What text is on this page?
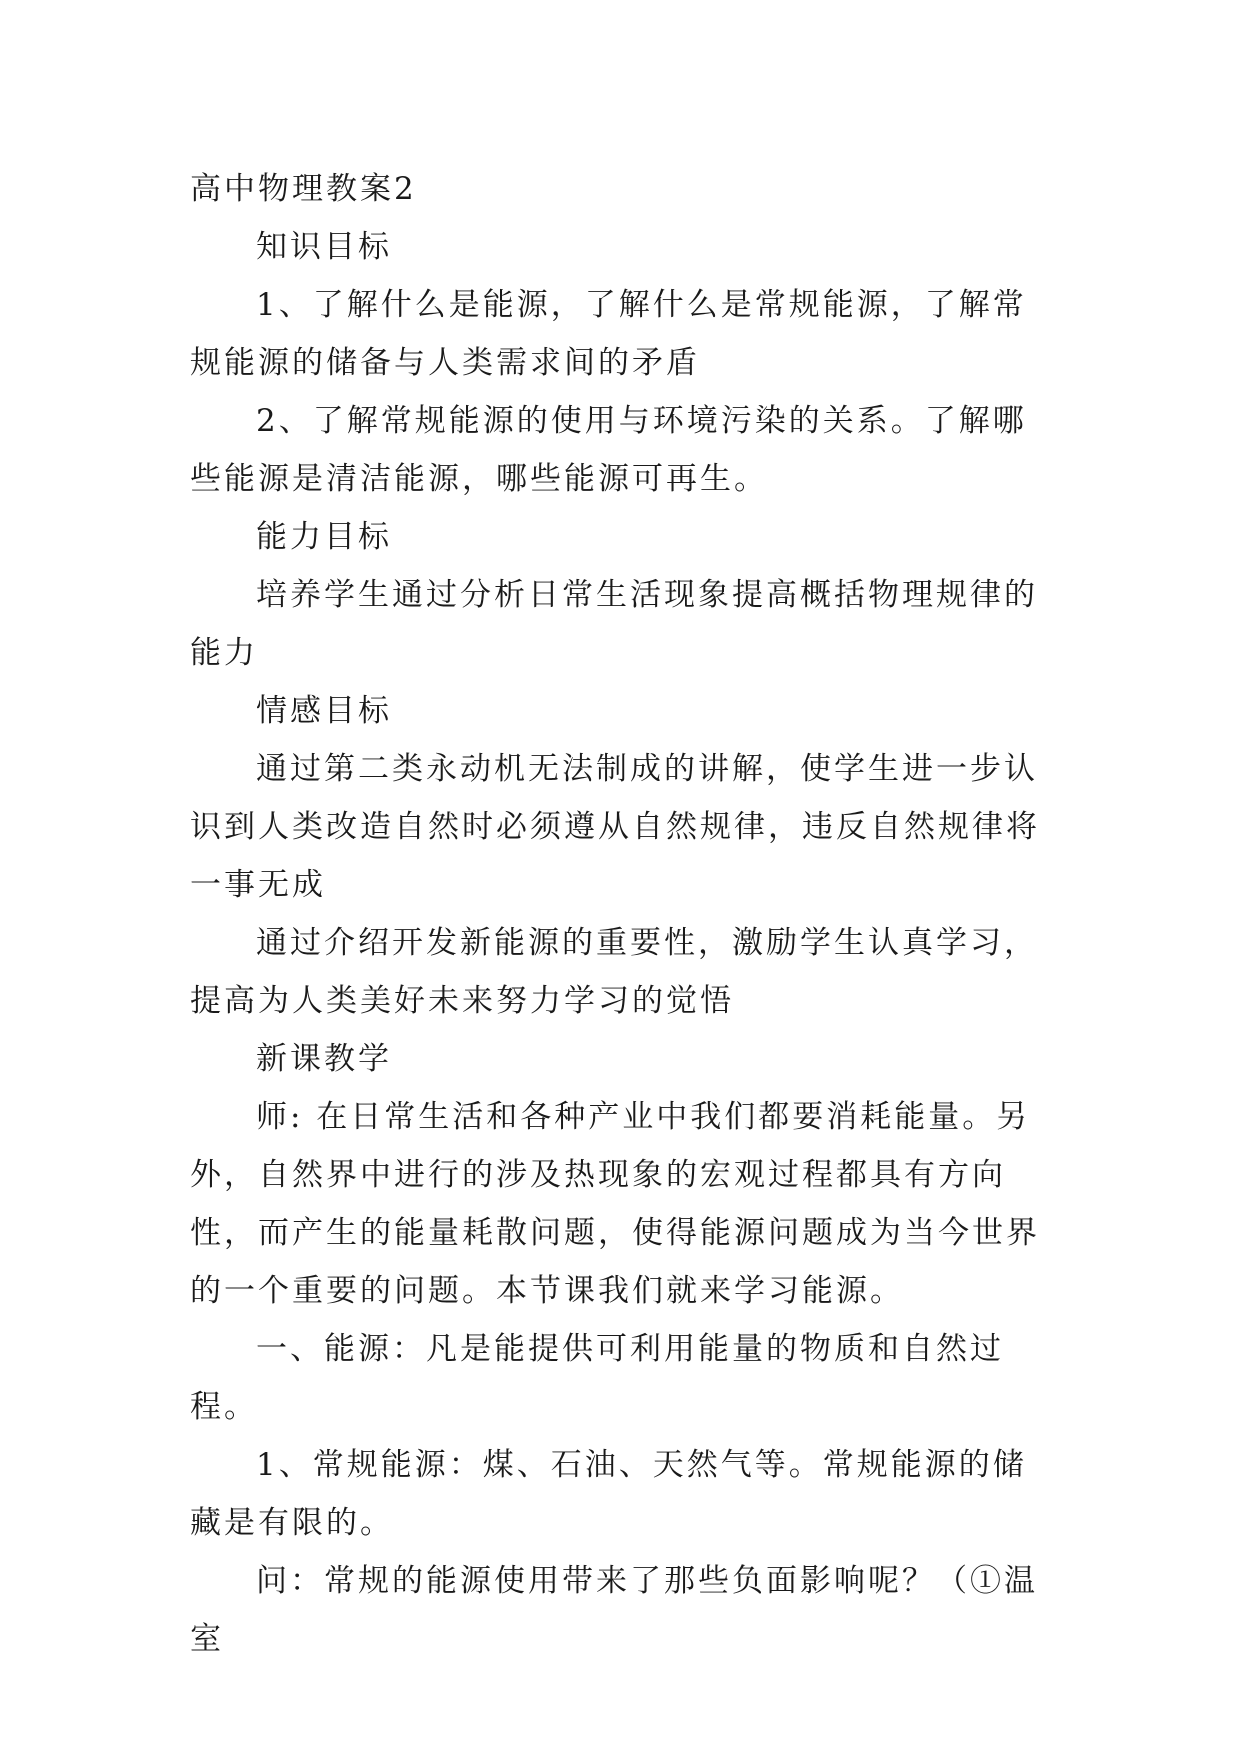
高中物理教案2

知识目标

1、了解什么是能源，了解什么是常规能源，了解常规能源的储备与人类需求间的矛盾

2、了解常规能源的使用与环境污染的关系。了解哪些能源是清洁能源，哪些能源可再生。

能力目标

培养学生通过分析日常生活现象提高概括物理规律的能力

情感目标

通过第二类永动机无法制成的讲解，使学生进一步认识到人类改造自然时必须遵从自然规律，违反自然规律将一事无成

通过介绍开发新能源的重要性，激励学生认真学习，提高为人类美好未来努力学习的觉悟

新课教学

师: 在日常生活和各种产业中我们都要消耗能量。另外，自然界中进行的涉及热现象的宏观过程都具有方向性，而产生的能量耗散问题，使得能源问题成为当今世界的一个重要的问题。本节课我们就来学习能源。

一、能源：凡是能提供可利用能量的物质和自然过程。

1、常规能源：煤、石油、天然气等。常规能源的储藏是有限的。

问：常规的能源使用带来了那些负面影响呢？（①温室
